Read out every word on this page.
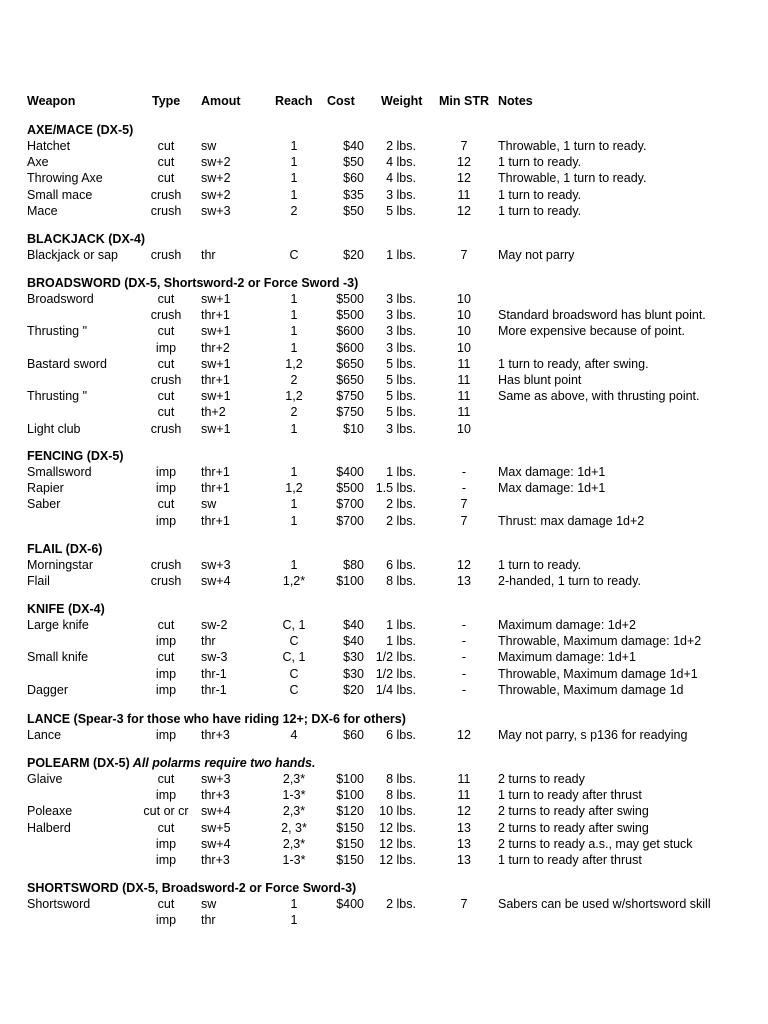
Weapon	Type Amout	Reach Cost Weight Min STR Notes
AXE/MACE (DX-5)
Hatchet	cut	sw	1	$40	2 lbs.	7	Throwable, 1 turn to ready.
Axe	cut	sw+2	1	$50	4 lbs.	12	1 turn to ready.
Throwing Axe	cut	sw+2	1	$60	4 lbs.	12	Throwable, 1 turn to ready.
Small mace	crush	sw+2	1	$35	3 lbs.	11	1 turn to ready.
Mace	crush	sw+3	2	$50	5 lbs.	12	1 turn to ready.
BLACKJACK (DX-4)
Blackjack or sap	crush	thr	C	$20	1 lbs.	7	May not parry
BROADSWORD (DX-5, Shortsword-2 or Force Sword -3)
Broadsword	cut	sw+1	1	$500	3 lbs.	10
crush	thr+1	1	$500	3 lbs.	10	Standard broadsword has blunt point.
Thrusting "	cut	sw+1	1	$600	3 lbs.	10	More expensive because of point.
imp	thr+2	1	$600	3 lbs.	10
Bastard sword	cut	sw+1	1,2	$650	5 lbs.	11	1 turn to ready, after swing.
crush	thr+1	2	$650	5 lbs.	11	Has blunt point
Thrusting "	cut	sw+1	1,2	$750	5 lbs.	11	Same as above, with thrusting point.
cut	th+2	2	$750	5 lbs.	11
Light club	crush	sw+1	1	$10	3 lbs.	10
FENCING (DX-5)
Smallsword	imp	thr+1	1	$400	1 lbs.	-	Max damage: 1d+1
Rapier	imp	thr+1	1,2	$500 1.5 lbs.	-	Max damage: 1d+1
Saber	cut	sw	1	$700	2 lbs.	7
imp	thr+1	1	$700	2 lbs.	7	Thrust: max damage 1d+2
FLAIL (DX-6)
Morningstar	crush	sw+3	1	$80	6 lbs.	12	1 turn to ready.
Flail	crush	sw+4	1,2*	$100	8 lbs.	13	2-handed, 1 turn to ready.
KNIFE (DX-4)
Large knife	cut	sw-2	C, 1	$40	1 lbs.	-	Maximum damage: 1d+2
imp	thr	C	$40	1 lbs.	-	Throwable, Maximum damage: 1d+2
Small knife	cut	sw-3	C, 1	$30 1/2 lbs.	-	Maximum damage: 1d+1
imp	thr-1	C	$30 1/2 lbs.	-	Throwable, Maximum damage 1d+1
Dagger	imp	thr-1	C	$20 1/4 lbs.	-	Throwable, Maximum damage 1d
LANCE (Spear-3 for those who have riding 12+; DX-6 for others)
Lance	imp	thr+3	4	$60	6 lbs.	12	May not parry, s p136 for readying
POLEARM (DX-5) All polarms require two hands.
Glaive	cut	sw+3	2,3*	$100	8 lbs.	11	2 turns to ready
imp	thr+3	1-3*	$100	8 lbs.	11	1 turn to ready after thrust
Poleaxe	cut or cr sw+4	2,3*	$120	10 lbs.	12	2 turns to ready after swing
Halberd	cut	sw+5	2, 3*	$150	12 lbs.	13	2 turns to ready after swing
imp	sw+4	2,3*	$150	12 lbs.	13	2 turns to ready a.s., may get stuck
imp	thr+3	1-3*	$150	12 lbs.	13	1 turn to ready after thrust
SHORTSWORD (DX-5, Broadsword-2 or Force Sword-3)
Shortsword	cut	sw	1	$400	2 lbs.	7	Sabers can be used w/shortsword skill
imp	thr	1
